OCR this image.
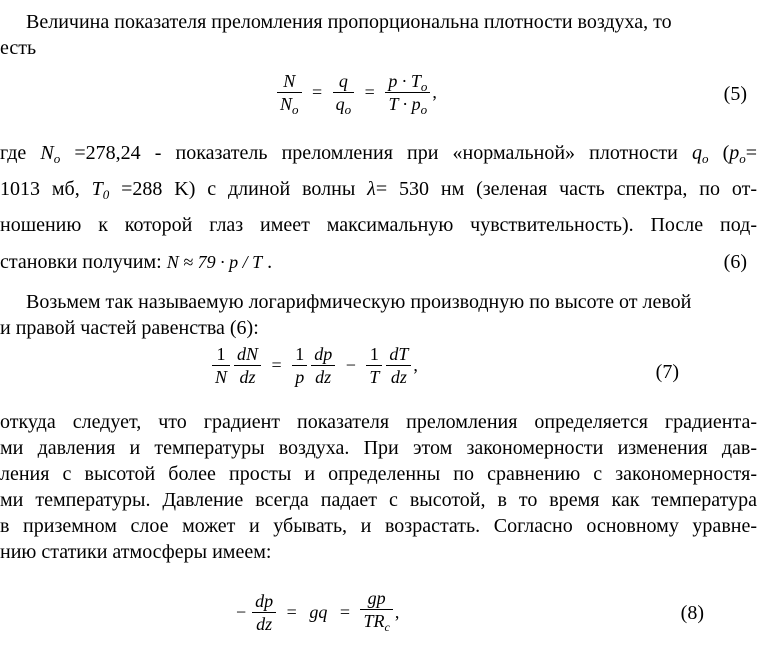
Величина показателя преломления пропорциональна плотности воздуха, то
есть
$\frac{N}{N_o} = \frac{q}{q_o} = \frac{p \cdot T_o}{T \cdot p_o}$ ,	(5)
где $N_o =278,24$ - показатель преломления при «нормальной» плотности $q_o$ ($p_o=$
1013 мб, $T_0 =288$ K) с длиной волны λ= 530 нм (зеленая часть спектра, по от-
ношению к которой глаз имеет максимальную чувствительность). После под-
становки получим: N ≈ 79 · p / T .	(6)
Возьмем так называемую логарифмическую производную по высоте от левой
и правой частей равенства (6):
$\frac{1}{N} \frac{dN}{dz} = \frac{1}{p} \frac{dp}{dz} - \frac{1}{T} \frac{dT}{dz}$ ,	(7)
откуда следует, что градиент показателя преломления определяется градиента-
ми давления и температуры воздуха. При этом закономерности изменения дав-
ления с высотой более просты и определенны по сравнению с закономерностя-
ми температуры. Давление всегда падает с высотой, в то время как температура
в приземном слое может и убывать, и возрастать. Согласно основному уравне-
нию статики атмосферы имеем:
− $\frac{dp}{dz}$ = gq = $\frac{gp}{TR_c}$ ,	(8)
